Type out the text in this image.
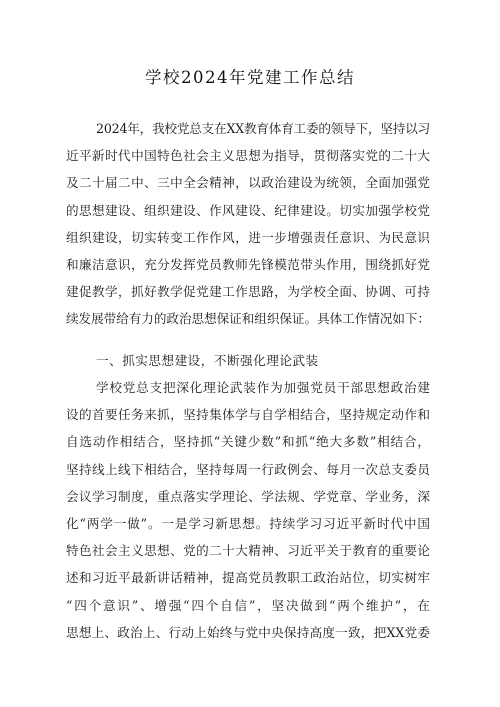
学校2024年党建工作总结
2024年，我校党总支在XX教育体育工委的领导下，坚持以习
近平新时代中国特色社会主义思想为指导，贯彻落实党的二十大
及二十届二中、三中全会精神，以政治建设为统领，全面加强党
的思想建设、组织建设、作风建设、纪律建设。切实加强学校党
组织建设，切实转变工作作风，进一步增强责任意识、为民意识
和廉洁意识，充分发挥党员教师先锋模范带头作用，围绕抓好党
建促教学，抓好教学促党建工作思路，为学校全面、协调、可持
续发展带给有力的政治思想保证和组织保证。具体工作情况如下：
一、抓实思想建设，不断强化理论武装
学校党总支把深化理论武装作为加强党员干部思想政治建
设的首要任务来抓，坚持集体学与自学相结合，坚持规定动作和
自选动作相结合，坚持抓“关键少数”和抓“绝大多数”相结合，
坚持线上线下相结合，坚持每周一行政例会、每月一次总支委员
会议学习制度，重点落实学理论、学法规、学党章、学业务，深
化“两学一做”。一是学习新思想。持续学习习近平新时代中国
特色社会主义思想、党的二十大精神、习近平关于教育的重要论
述和习近平最新讲话精神，提高党员教职工政治站位，切实树牢
“四个意识”、增强“四个自信”，坚决做到“两个维护”，在
思想上、政治上、行动上始终与党中央保持高度一致，把XX党委
